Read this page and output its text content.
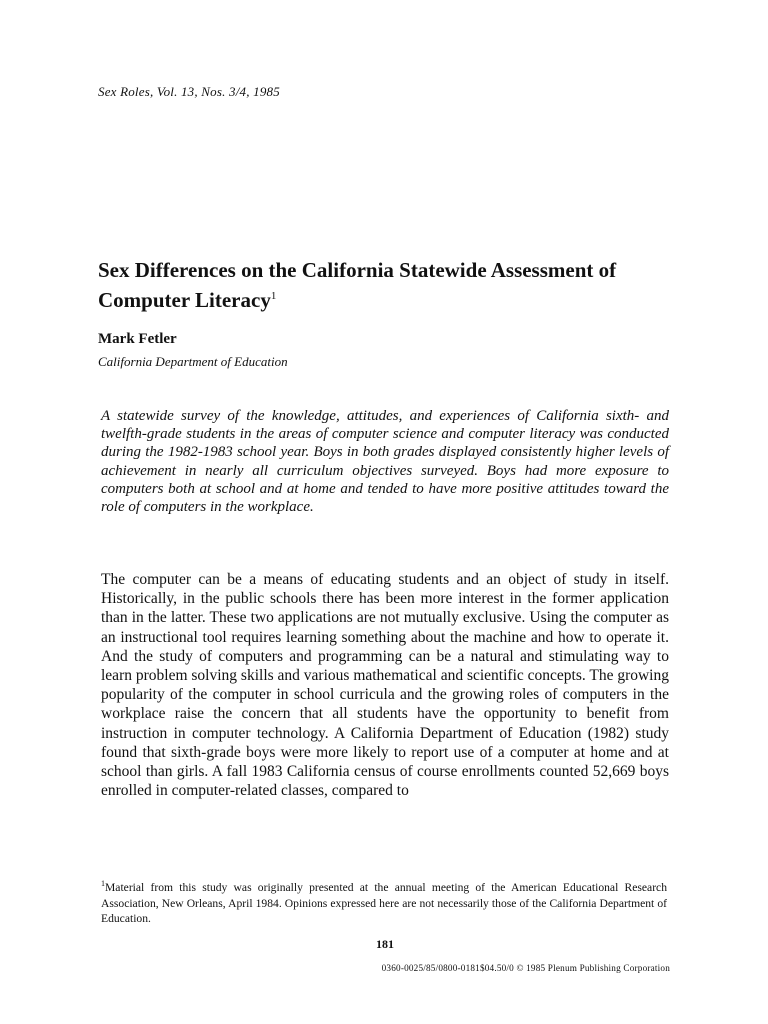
Sex Roles, Vol. 13, Nos. 3/4, 1985
Sex Differences on the California Statewide Assessment of Computer Literacy$^1$
Mark Fetler
California Department of Education
A statewide survey of the knowledge, attitudes, and experiences of California sixth- and twelfth-grade students in the areas of computer science and computer literacy was conducted during the 1982-1983 school year. Boys in both grades displayed consistently higher levels of achievement in nearly all curriculum objectives surveyed. Boys had more exposure to computers both at school and at home and tended to have more positive attitudes toward the role of computers in the workplace.
The computer can be a means of educating students and an object of study in itself. Historically, in the public schools there has been more interest in the former application than in the latter. These two applications are not mutually exclusive. Using the computer as an instructional tool requires learning something about the machine and how to operate it. And the study of computers and programming can be a natural and stimulating way to learn problem solving skills and various mathematical and scientific concepts. The growing popularity of the computer in school curricula and the growing roles of computers in the workplace raise the concern that all students have the opportunity to benefit from instruction in computer technology. A California Department of Education (1982) study found that sixth-grade boys were more likely to report use of a computer at home and at school than girls. A fall 1983 California census of course enrollments counted 52,669 boys enrolled in computer-related classes, compared to
$^1$Material from this study was originally presented at the annual meeting of the American Educational Research Association, New Orleans, April 1984. Opinions expressed here are not necessarily those of the California Department of Education.
181
0360-0025/85/0800-0181$04.50/0 © 1985 Plenum Publishing Corporation
